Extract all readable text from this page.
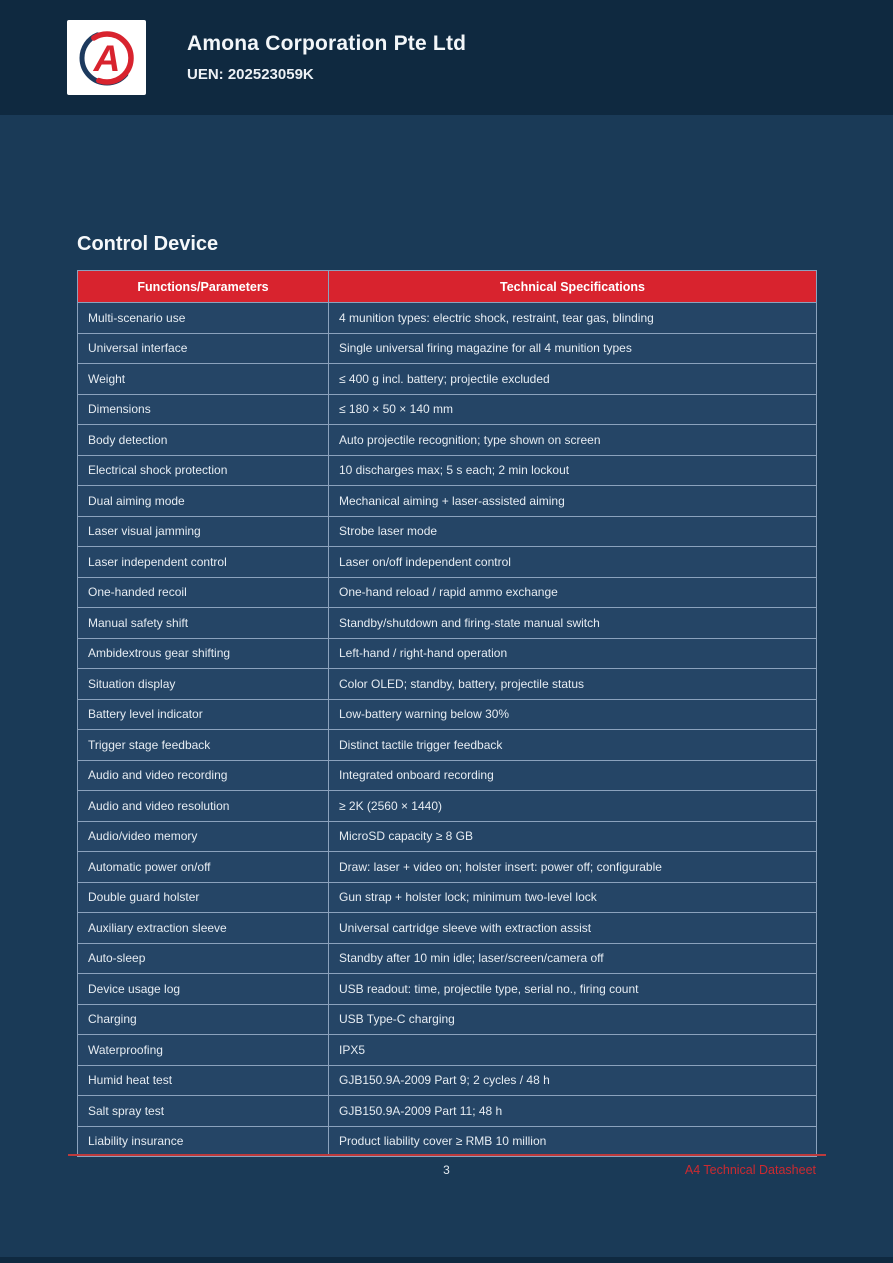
A	Amona Corporation Pte Ltd
UEN: 202523059K
Control Device
Functions/Parameters	Technical Specifications
Multi-scenario use	4 munition types: electric shock, restraint, tear gas, blinding
Universal interface	Single universal firing magazine for all 4 munition types
Weight	≤ 400 g incl. battery; projectile excluded
Dimensions	≤ 180 × 50 × 140 mm
Body detection	Auto projectile recognition; type shown on screen
Electrical shock protection	10 discharges max; 5 s each; 2 min lockout
Dual aiming mode	Mechanical aiming + laser-assisted aiming
Laser visual jamming	Strobe laser mode
Laser independent control	Laser on/off independent control
One-handed recoil	One-hand reload / rapid ammo exchange
Manual safety shift	Standby/shutdown and firing-state manual switch
Ambidextrous gear shifting	Left-hand / right-hand operation
Situation display	Color OLED; standby, battery, projectile status
Battery level indicator	Low-battery warning below 30%
Trigger stage feedback	Distinct tactile trigger feedback
Audio and video recording	Integrated onboard recording
Audio and video resolution	≥ 2K (2560 × 1440)
Audio/video memory	MicroSD capacity ≥ 8 GB
Automatic power on/off	Draw: laser + video on; holster insert: power off; configurable
Double guard holster	Gun strap + holster lock; minimum two-level lock
Auxiliary extraction sleeve	Universal cartridge sleeve with extraction assist
Auto-sleep	Standby after 10 min idle; laser/screen/camera off
Device usage log	USB readout: time, projectile type, serial no., firing count
Charging	USB Type-C charging
Waterproofing	IPX5
Humid heat test	GJB150.9A-2009 Part 9; 2 cycles / 48 h
Salt spray test	GJB150.9A-2009 Part 11; 48 h
Liability insurance	Product liability cover ≥ RMB 10 million
3	A4 Technical Datasheet
